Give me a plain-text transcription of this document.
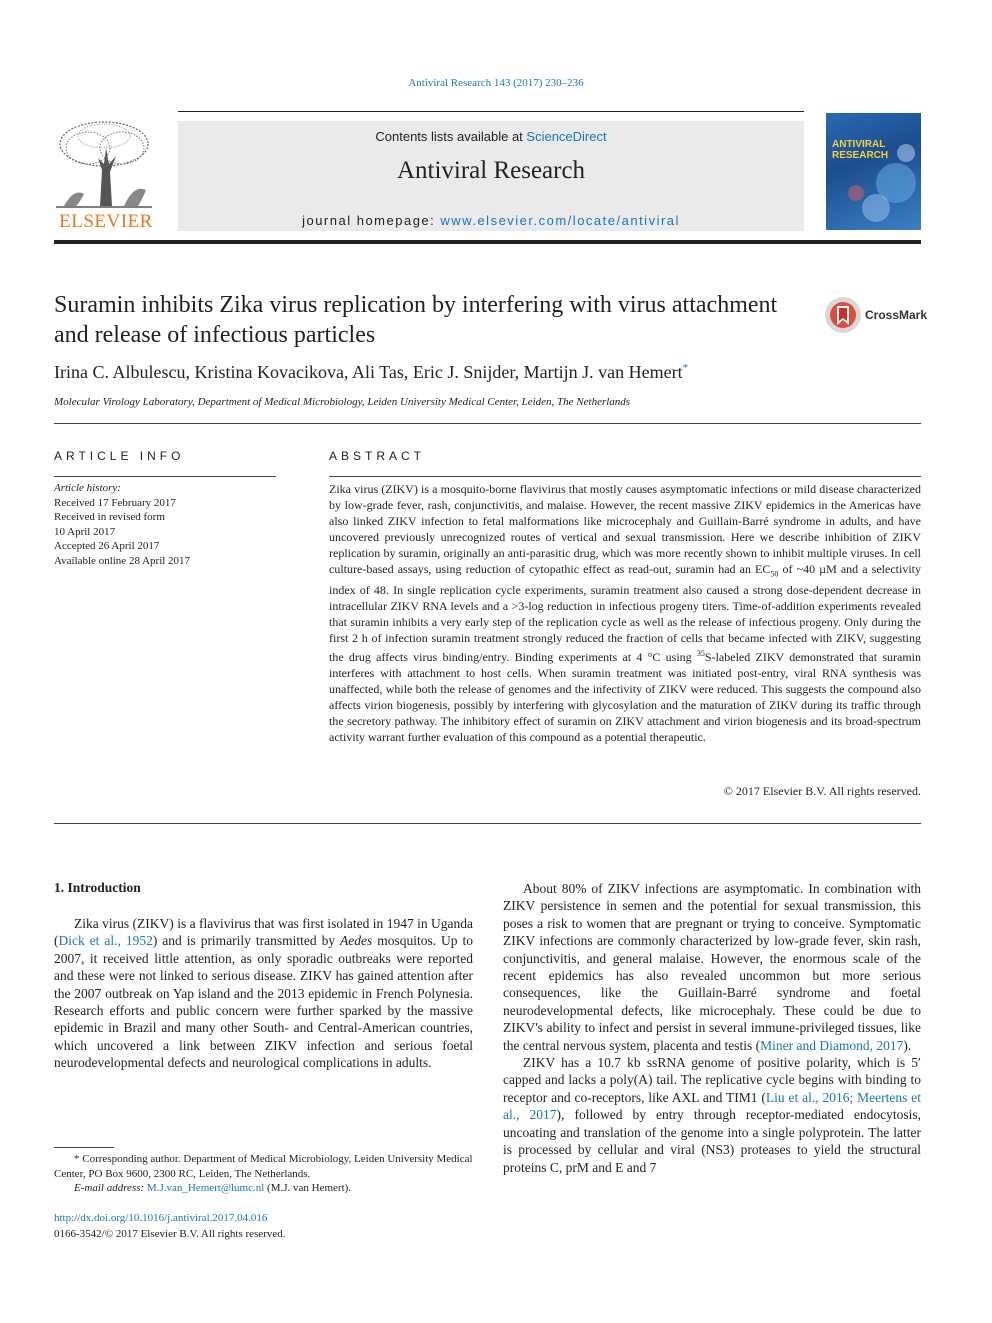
Antiviral Research 143 (2017) 230–236
ELSEVIER
Contents lists available at ScienceDirect
Antiviral Research
journal homepage: www.elsevier.com/locate/antiviral
ANTIVIRAL
RESEARCH
Suramin inhibits Zika virus replication by interfering with virus attachment and release of infectious particles
CrossMark
Irina C. Albulescu, Kristina Kovacikova, Ali Tas, Eric J. Snijder, Martijn J. van Hemert*
Molecular Virology Laboratory, Department of Medical Microbiology, Leiden University Medical Center, Leiden, The Netherlands
ARTICLE INFO
Article history:
Received 17 February 2017
Received in revised form
10 April 2017
Accepted 26 April 2017
Available online 28 April 2017
ABSTRACT
Zika virus (ZIKV) is a mosquito-borne flavivirus that mostly causes asymptomatic infections or mild disease characterized by low-grade fever, rash, conjunctivitis, and malaise. However, the recent massive ZIKV epidemics in the Americas have also linked ZIKV infection to fetal malformations like microcephaly and Guillain-Barré syndrome in adults, and have uncovered previously unrecognized routes of vertical and sexual transmission. Here we describe inhibition of ZIKV replication by suramin, originally an anti-parasitic drug, which was more recently shown to inhibit multiple viruses. In cell culture-based assays, using reduction of cytopathic effect as read-out, suramin had an $EC_{50}$ of ~40 µM and a selectivity index of 48. In single replication cycle experiments, suramin treatment also caused a strong dose-dependent decrease in intracellular ZIKV RNA levels and a >3-log reduction in infectious progeny titers. Time-of-addition experiments revealed that suramin inhibits a very early step of the replication cycle as well as the release of infectious progeny. Only during the first 2 h of infection suramin treatment strongly reduced the fraction of cells that became infected with ZIKV, suggesting the drug affects virus binding/entry. Binding experiments at 4 °C using $^{35}$S-labeled ZIKV demonstrated that suramin interferes with attachment to host cells. When suramin treatment was initiated post-entry, viral RNA synthesis was unaffected, while both the release of genomes and the infectivity of ZIKV were reduced. This suggests the compound also affects virion biogenesis, possibly by interfering with glycosylation and the maturation of ZIKV during its traffic through the secretory pathway. The inhibitory effect of suramin on ZIKV attachment and virion biogenesis and its broad-spectrum activity warrant further evaluation of this compound as a potential therapeutic.
© 2017 Elsevier B.V. All rights reserved.
1. Introduction

Zika virus (ZIKV) is a flavivirus that was first isolated in 1947 in Uganda (Dick et al., 1952) and is primarily transmitted by Aedes mosquitos. Up to 2007, it received little attention, as only sporadic outbreaks were reported and these were not linked to serious disease. ZIKV has gained attention after the 2007 outbreak on Yap island and the 2013 epidemic in French Polynesia. Research efforts and public concern were further sparked by the massive epidemic in Brazil and many other South- and Central-American countries, which uncovered a link between ZIKV infection and serious foetal neurodevelopmental defects and neurological complications in adults.

About 80% of ZIKV infections are asymptomatic. In combination with ZIKV persistence in semen and the potential for sexual transmission, this poses a risk to women that are pregnant or trying to conceive. Symptomatic ZIKV infections are commonly characterized by low-grade fever, skin rash, conjunctivitis, and general malaise. However, the enormous scale of the recent epidemics has also revealed uncommon but more serious consequences, like the Guillain-Barré syndrome and foetal neurodevelopmental defects, like microcephaly. These could be due to ZIKV's ability to infect and persist in several immune-privileged tissues, like the central nervous system, placenta and testis (Miner and Diamond, 2017).

ZIKV has a 10.7 kb ssRNA genome of positive polarity, which is 5′ capped and lacks a poly(A) tail. The replicative cycle begins with binding to receptor and co-receptors, like AXL and TIM1 (Liu et al., 2016; Meertens et al., 2017), followed by entry through receptor-mediated endocytosis, uncoating and translation of the genome into a single polyprotein. The latter is processed by cellular and viral (NS3) proteases to yield the structural proteins C, prM and E and 7

* Corresponding author. Department of Medical Microbiology, Leiden University Medical Center, PO Box 9600, 2300 RC, Leiden, The Netherlands.
E-mail address: M.J.van_Hemert@lumc.nl (M.J. van Hemert).
http://dx.doi.org/10.1016/j.antiviral.2017.04.016
0166-3542/© 2017 Elsevier B.V. All rights reserved.
